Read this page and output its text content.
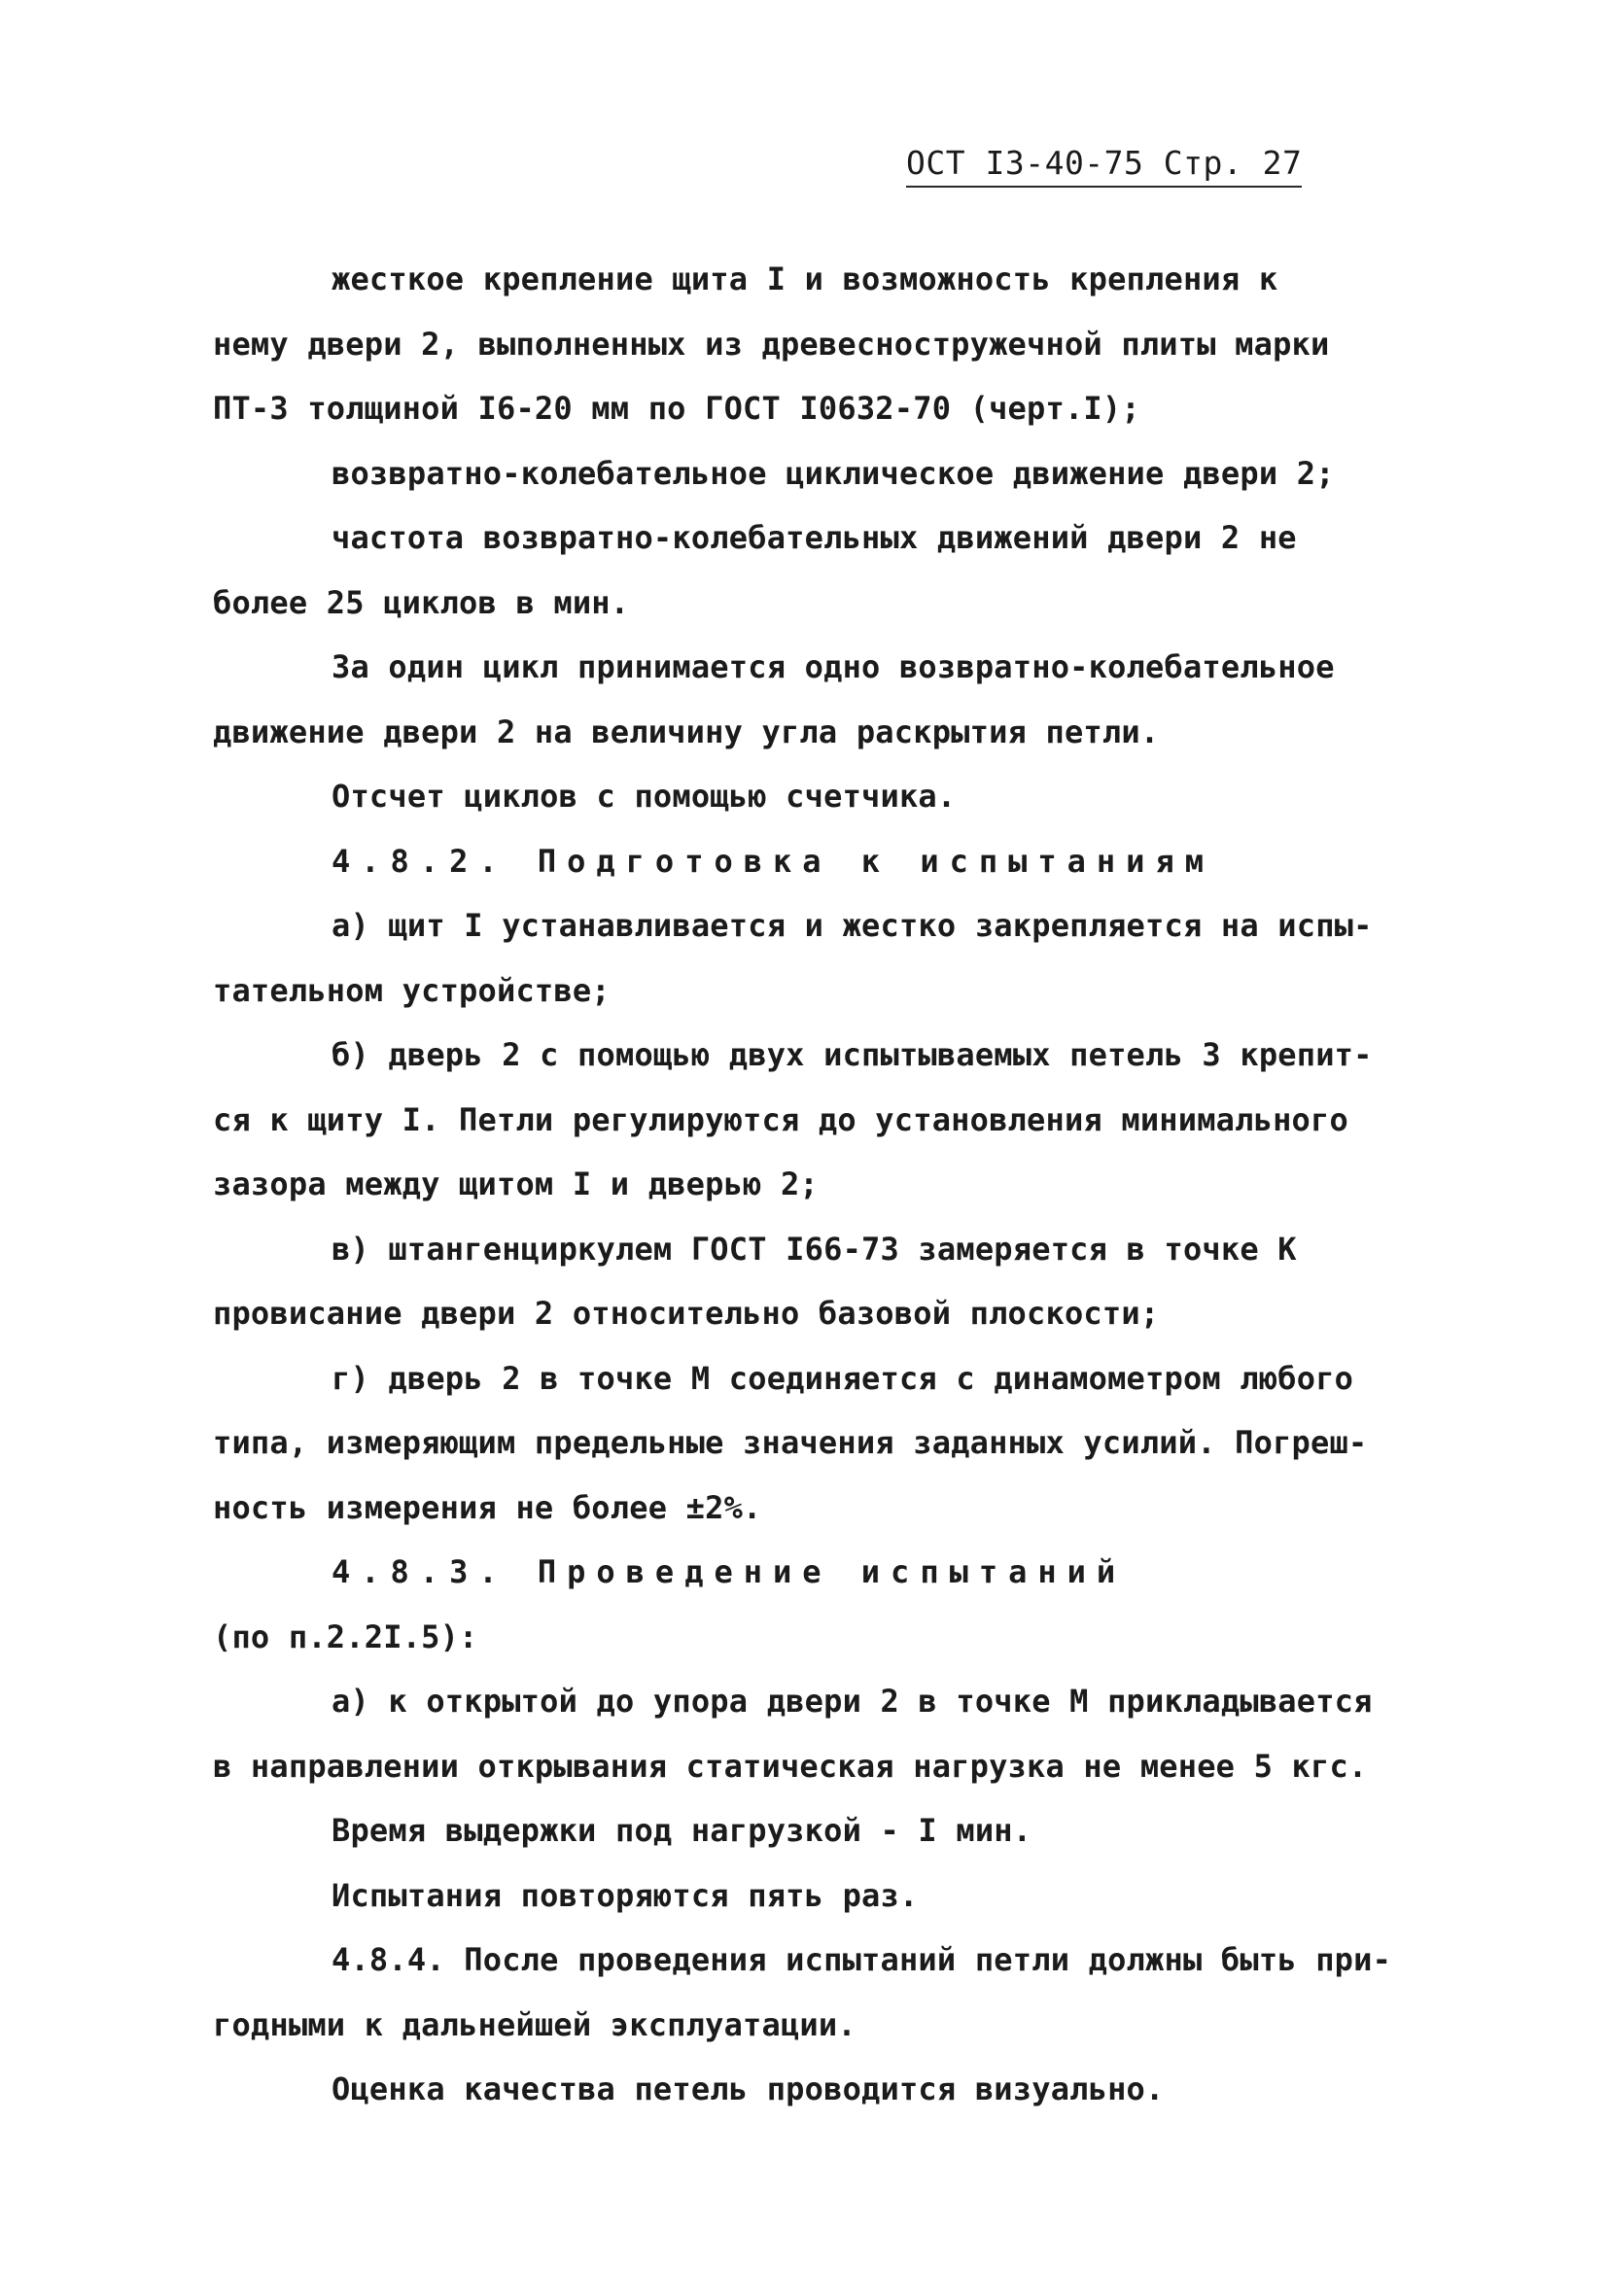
ОСТ I3-40-75 Стр. 27
жесткое крепление щита I и возможность крепления к
нему двери 2, выполненных из древесностружечной плиты марки
ПТ-3 толщиной I6-20 мм по ГОСТ I0632-70 (черт.I);
возвратно-колебательное циклическое движение двери 2;
частота возвратно-колебательных движений двери 2 не
более 25 циклов в мин.
За один цикл принимается одно возвратно-колебательное
движение двери 2 на величину угла раскрытия петли.
Отсчет циклов с помощью счетчика.
4.8.2. Подготовка к испытаниям
а) щит I устанавливается и жестко закрепляется на испы-
тательном устройстве;
б) дверь 2 с помощью двух испытываемых петель 3 крепит-
ся к щиту I. Петли регулируются до установления минимального
зазора между щитом I и дверью 2;
в) штангенциркулем ГОСТ I66-73 замеряется в точке К
провисание двери 2 относительно базовой плоскости;
г) дверь 2 в точке М соединяется с динамометром любого
типа, измеряющим предельные значения заданных усилий. Погреш-
ность измерения не более ±2%.
4.8.3. Проведение испытаний
(по п.2.2I.5):
а) к открытой до упора двери 2 в точке М прикладывается
в направлении открывания статическая нагрузка не менее 5 кгс.
Время выдержки под нагрузкой - I мин.
Испытания повторяются пять раз.
4.8.4. После проведения испытаний петли должны быть при-
годными к дальнейшей эксплуатации.
Оценка качества петель проводится визуально.
